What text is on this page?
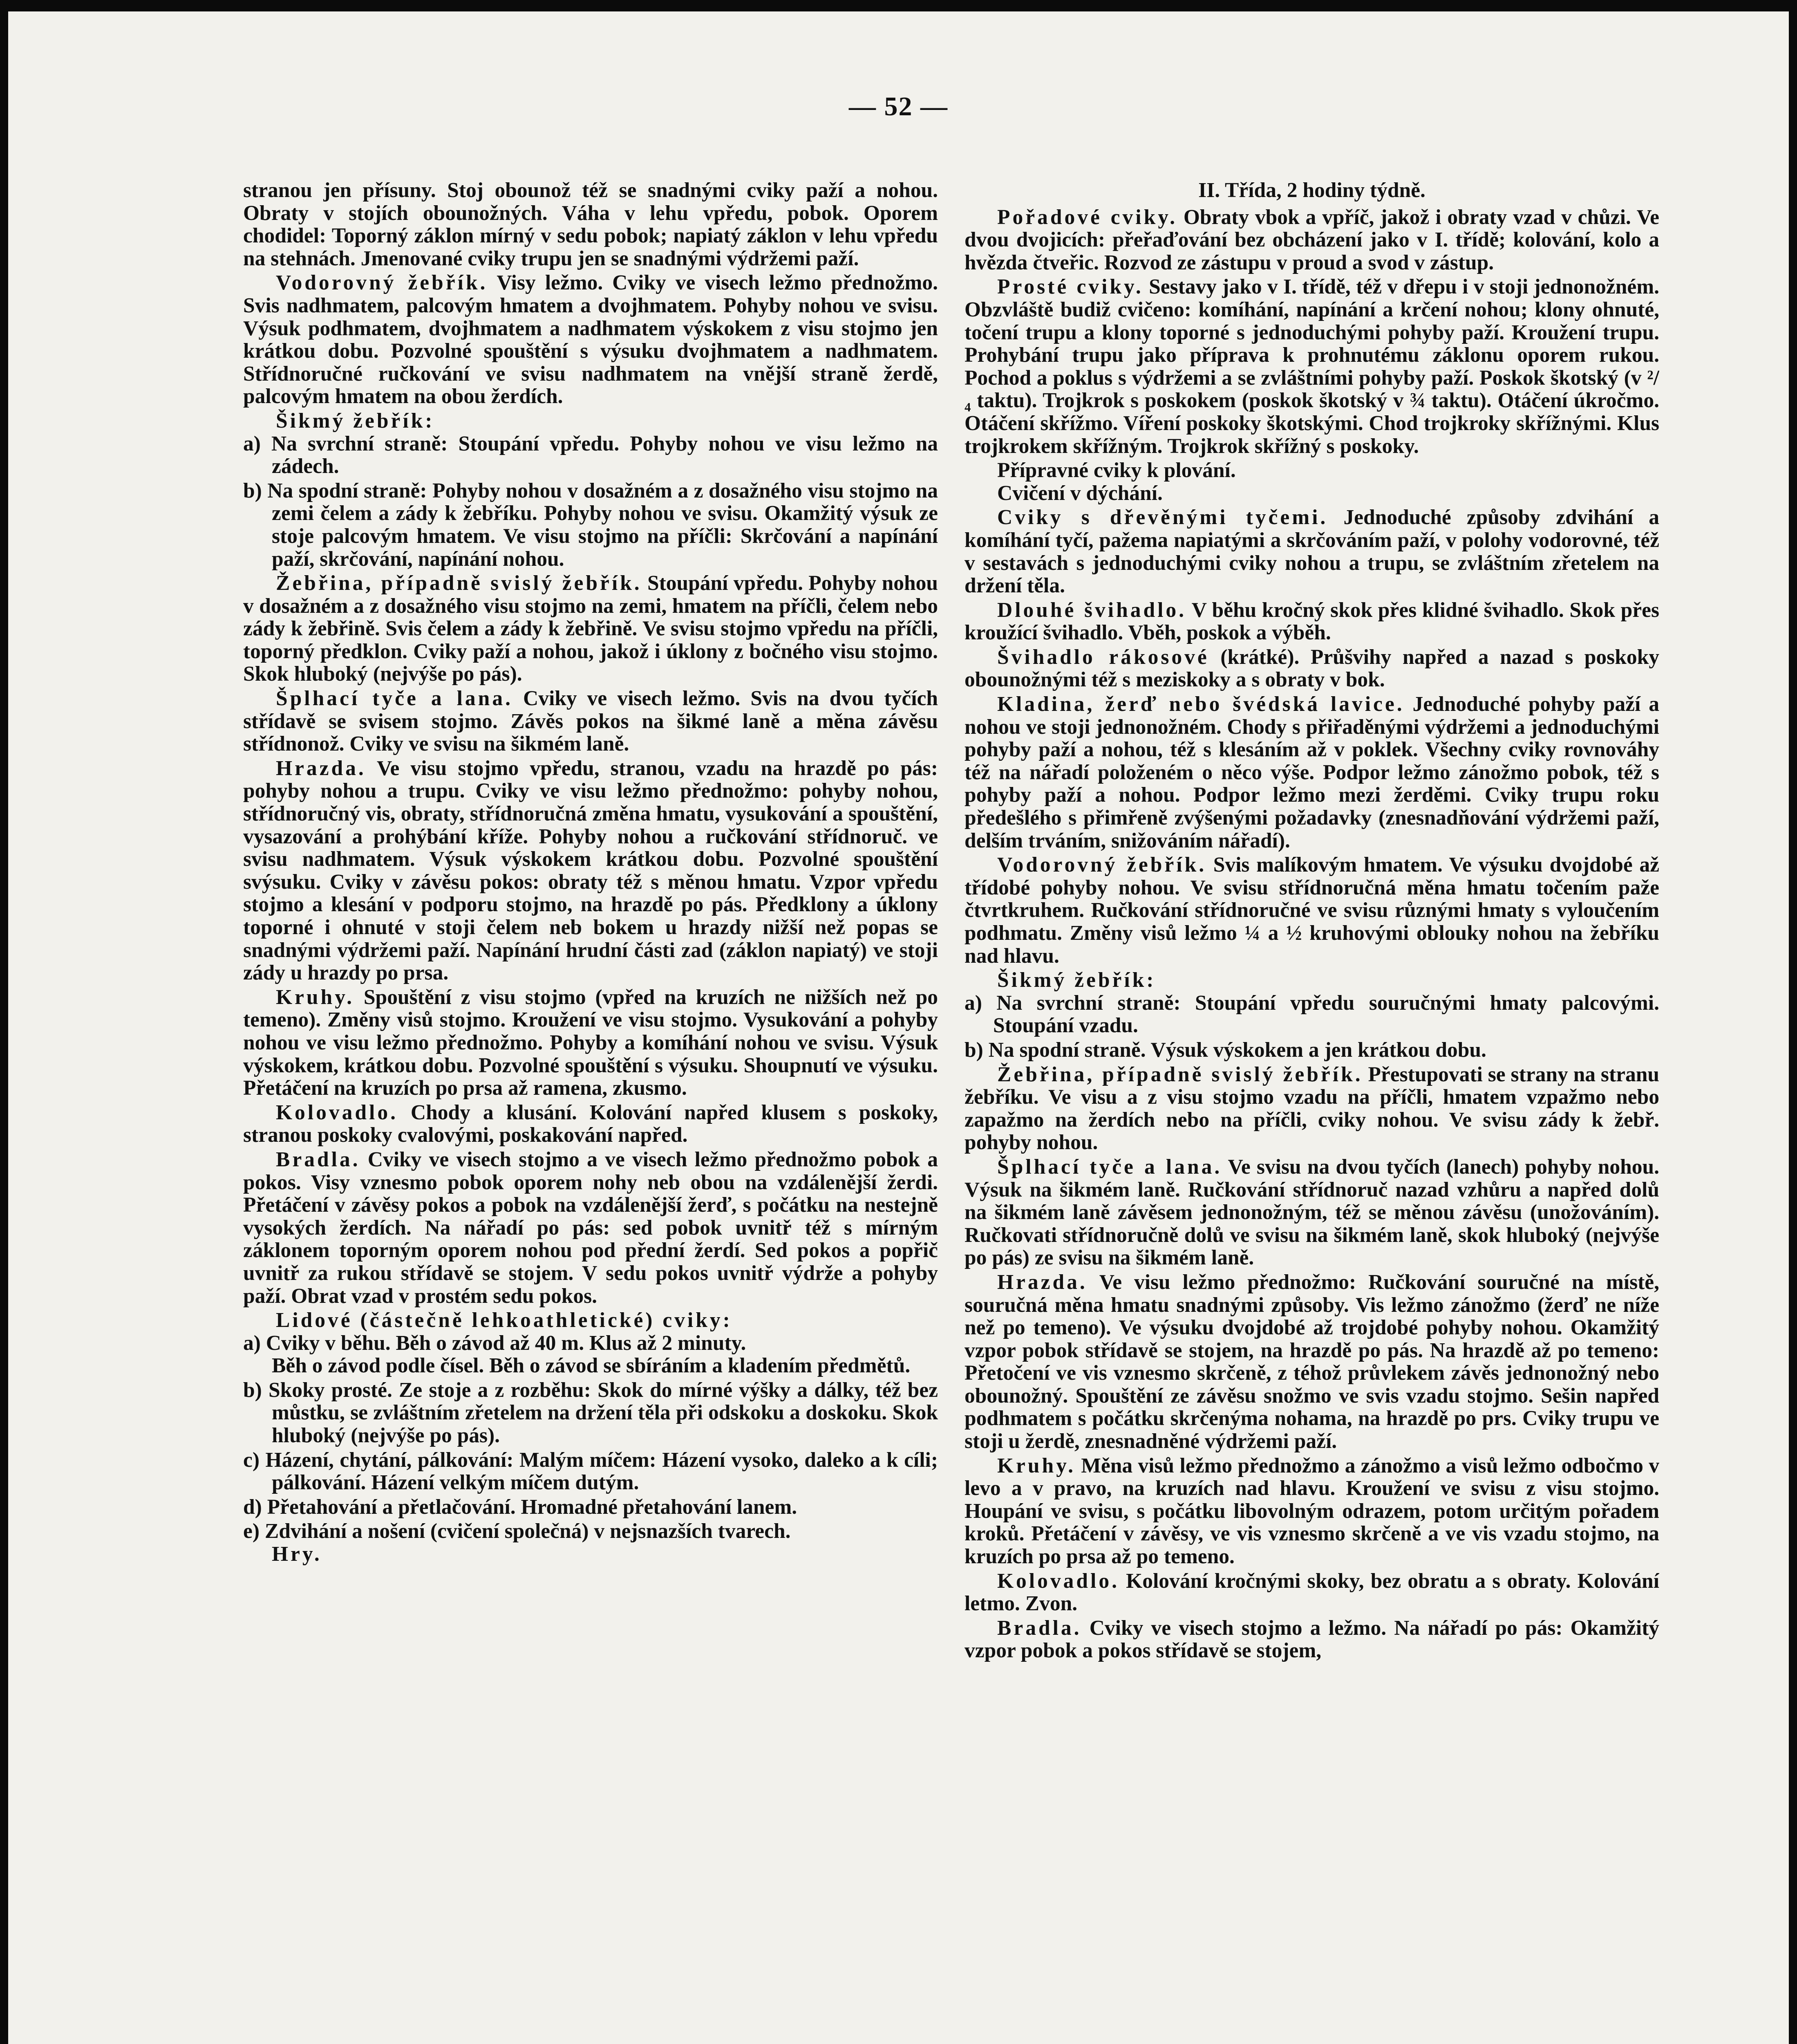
— 52 —

stranou jen přísuny. Stoj obounož též se snadnými cviky paží a nohou. Obraty v stojích obounožných. Váha v lehu vpředu, pobok. Oporem chodidel: Toporný záklon mírný v sedu pobok; napiatý záklon v lehu vpředu na stehnách. Jmenované cviky trupu jen se snadnými výdržemi paží.

Vodorovný žebřík. Visy ležmo. Cviky ve visech ležmo přednožmo. Svis nadhmatem, palcovým hmatem a dvojhmatem. Pohyby nohou ve svisu. Výsuk podhmatem, dvojhmatem a nadhmatem výskokem z visu stojmo jen krátkou dobu. Pozvolné spouštění s výsuku dvojhmatem a nadhmatem. Střídnoručné ručkování ve svisu nadhmatem na vnější straně žerdě, palcovým hmatem na obou žerdích.

Šikmý žebřík:

a) Na svrchní straně: Stoupání vpředu. Pohyby nohou ve visu ležmo na zádech.

b) Na spodní straně: Pohyby nohou v dosažném a z dosažného visu stojmo na zemi čelem a zády k žebříku. Pohyby nohou ve svisu. Okamžitý výsuk ze stoje palcovým hmatem. Ve visu stojmo na příčli: Skrčování a napínání paží, skrčování, napínání nohou.

Žebřina, případně svislý žebřík. Stoupání vpředu. Pohyby nohou v dosažném a z dosažného visu stojmo na zemi, hmatem na příčli, čelem nebo zády k žebřině. Svis čelem a zády k žebřině. Ve svisu stojmo vpředu na příčli, toporný předklon. Cviky paží a nohou, jakož i úklony z bočného visu stojmo. Skok hluboký (nejvýše po pás).

Šplhací tyče a lana. Cviky ve visech ležmo. Svis na dvou tyčích střídavě se svisem stojmo. Závěs pokos na šikmé laně a měna závěsu střídnonož. Cviky ve svisu na šikmém laně.

Hrazda. Ve visu stojmo vpředu, stranou, vzadu na hrazdě po pás: pohyby nohou a trupu. Cviky ve visu ležmo přednožmo: pohyby nohou, střídnoručný vis, obraty, střídnoručná změna hmatu, vysukování a spouštění, vysazování a prohýbání kříže. Pohyby nohou a ručkování střídnoruč. ve svisu nadhmatem. Výsuk výskokem krátkou dobu. Pozvolné spouštění svýsuku. Cviky v závěsu pokos: obraty též s měnou hmatu. Vzpor vpředu stojmo a klesání v podporu stojmo, na hrazdě po pás. Předklony a úklony toporné i ohnuté v stoji čelem neb bokem u hrazdy nižší než popas se snadnými výdržemi paží. Napínání hrudní části zad (záklon napiatý) ve stoji zády u hrazdy po prsa.

Kruhy. Spouštění z visu stojmo (vpřed na kruzích ne nižších než po temeno). Změny visů stojmo. Kroužení ve visu stojmo. Vysukování a pohyby nohou ve visu ležmo přednožmo. Pohyby a komíhání nohou ve svisu. Výsuk výskokem, krátkou dobu. Pozvolné spouštění s výsuku. Shoupnutí ve výsuku. Přetáčení na kruzích po prsa až ramena, zkusmo.

Kolovadlo. Chody a klusání. Kolování napřed klusem s poskoky, stranou poskoky cvalovými, poskakování napřed.

Bradla. Cviky ve visech stojmo a ve visech ležmo přednožmo pobok a pokos. Visy vznesmo pobok oporem nohy neb obou na vzdálenější žerdi. Přetáčení v závěsy pokos a pobok na vzdálenější žerď, s počátku na nestejně vysokých žerdích. Na nářadí po pás: sed pobok uvnitř též s mírným záklonem toporným oporem nohou pod přední žerdí. Sed pokos a popřič uvnitř za rukou střídavě se stojem. V sedu pokos uvnitř výdrže a pohyby paží. Obrat vzad v prostém sedu pokos.

Lidové (částečně lehkoathletické) cviky:

a) Cviky v běhu. Běh o závod až 40 m. Klus až 2 minuty.

Běh o závod podle čísel. Běh o závod se sbíráním a kladením předmětů.

b) Skoky prosté. Ze stoje a z rozběhu: Skok do mírné výšky a dálky, též bez můstku, se zvláštním zřetelem na držení těla při odskoku a doskoku. Skok hluboký (nejvýše po pás).

c) Házení, chytání, pálkování: Malým míčem: Házení vysoko, daleko a k cíli; pálkování. Házení velkým míčem dutým.

d) Přetahování a přetlačování. Hromadné přetahování lanem.

e) Zdvihání a nošení (cvičení společná) v nejsnazších tvarech.

Hry.

II. Třída, 2 hodiny týdně.

Pořadové cviky. Obraty vbok a vpříč, jakož i obraty vzad v chůzi. Ve dvou dvojicích: přeřaďování bez obcházení jako v I. třídě; kolování, kolo a hvězda čtveřic. Rozvod ze zástupu v proud a svod v zástup.

Prosté cviky. Sestavy jako v I. třídě, též v dřepu i v stoji jednonožném. Obzvláště budiž cvičeno: komíhání, napínání a krčení nohou; klony ohnuté, točení trupu a klony toporné s jednoduchými pohyby paží. Kroužení trupu. Prohybání trupu jako příprava k prohnutému záklonu oporem rukou. Pochod a poklus s výdržemi a se zvláštními pohyby paží. Poskok škotský (v ²/₄ taktu). Trojkrok s poskokem (poskok škotský v ¾ taktu). Otáčení úkročmo. Otáčení skřížmo. Víření poskoky škotskými. Chod trojkroky skřížnými. Klus trojkrokem skřížným. Trojkrok skřížný s poskoky.

Přípravné cviky k plování.

Cvičení v dýchání.

Cviky s dřevěnými tyčemi. Jednoduché způsoby zdvihání a komíhání tyčí, pažema napiatými a skrčováním paží, v polohy vodorovné, též v sestavách s jednoduchými cviky nohou a trupu, se zvláštním zřetelem na držení těla.

Dlouhé švihadlo. V běhu kročný skok přes klidné švihadlo. Skok přes kroužící švihadlo. Vběh, poskok a výběh.

Švihadlo rákosové (krátké). Průšvihy napřed a nazad s poskoky obounožnými též s meziskoky a s obraty v bok.

Kladina, žerď nebo švédská lavice. Jednoduché pohyby paží a nohou ve stoji jednonožném. Chody s přiřaděnými výdržemi a jednoduchými pohyby paží a nohou, též s klesáním až v poklek. Všechny cviky rovnováhy též na nářadí položeném o něco výše. Podpor ležmo zánožmo pobok, též s pohyby paží a nohou. Podpor ležmo mezi žerděmi. Cviky trupu roku předešlého s přimřeně zvýšenými požadavky (znesnadňování výdržemi paží, delším trváním, snižováním nářadí).

Vodorovný žebřík. Svis malíkovým hmatem. Ve výsuku dvojdobé až třídobé pohyby nohou. Ve svisu střídnoručná měna hmatu točením paže čtvrtkruhem. Ručkování střídnoručné ve svisu různými hmaty s vyloučením podhmatu. Změny visů ležmo ¼ a ½ kruhovými oblouky nohou na žebříku nad hlavu.

Šikmý žebřík:

a) Na svrchní straně: Stoupání vpředu souručnými hmaty palcovými. Stoupání vzadu.

b) Na spodní straně. Výsuk výskokem a jen krátkou dobu.

Žebřina, případně svislý žebřík. Přestupovati se strany na stranu žebříku. Ve visu a z visu stojmo vzadu na příčli, hmatem vzpažmo nebo zapažmo na žerdích nebo na příčli, cviky nohou. Ve svisu zády k žebř. pohyby nohou.

Šplhací tyče a lana. Ve svisu na dvou tyčích (lanech) pohyby nohou. Výsuk na šikmém laně. Ručkování střídnoruč nazad vzhůru a napřed dolů na šikmém laně závěsem jednonožným, též se měnou závěsu (unožováním). Ručkovati střídnoručně dolů ve svisu na šikmém laně, skok hluboký (nejvýše po pás) ze svisu na šikmém laně.

Hrazda. Ve visu ležmo přednožmo: Ručkování souručné na místě, souručná měna hmatu snadnými způsoby. Vis ležmo zánožmo (žerď ne níže než po temeno). Ve výsuku dvojdobé až trojdobé pohyby nohou. Okamžitý vzpor pobok střídavě se stojem, na hrazdě po pás. Na hrazdě až po temeno: Přetočení ve vis vznesmo skrčeně, z téhož průvlekem závěs jednonožný nebo obounožný. Spouštění ze závěsu snožmo ve svis vzadu stojmo. Sešin napřed podhmatem s počátku skrčenýma nohama, na hrazdě po prs. Cviky trupu ve stoji u žerdě, znesnadněné výdržemi paží.

Kruhy. Měna visů ležmo přednožmo a zánožmo a visů ležmo odbočmo v levo a v pravo, na kruzích nad hlavu. Kroužení ve svisu z visu stojmo. Houpání ve svisu, s počátku libovolným odrazem, potom určitým pořadem kroků. Přetáčení v závěsy, ve vis vznesmo skrčeně a ve vis vzadu stojmo, na kruzích po prsa až po temeno.

Kolovadlo. Kolování kročnými skoky, bez obratu a s obraty. Kolování letmo. Zvon.

Bradla. Cviky ve visech stojmo a ležmo. Na nářadí po pás: Okamžitý vzpor pobok a pokos střídavě se stojem,
